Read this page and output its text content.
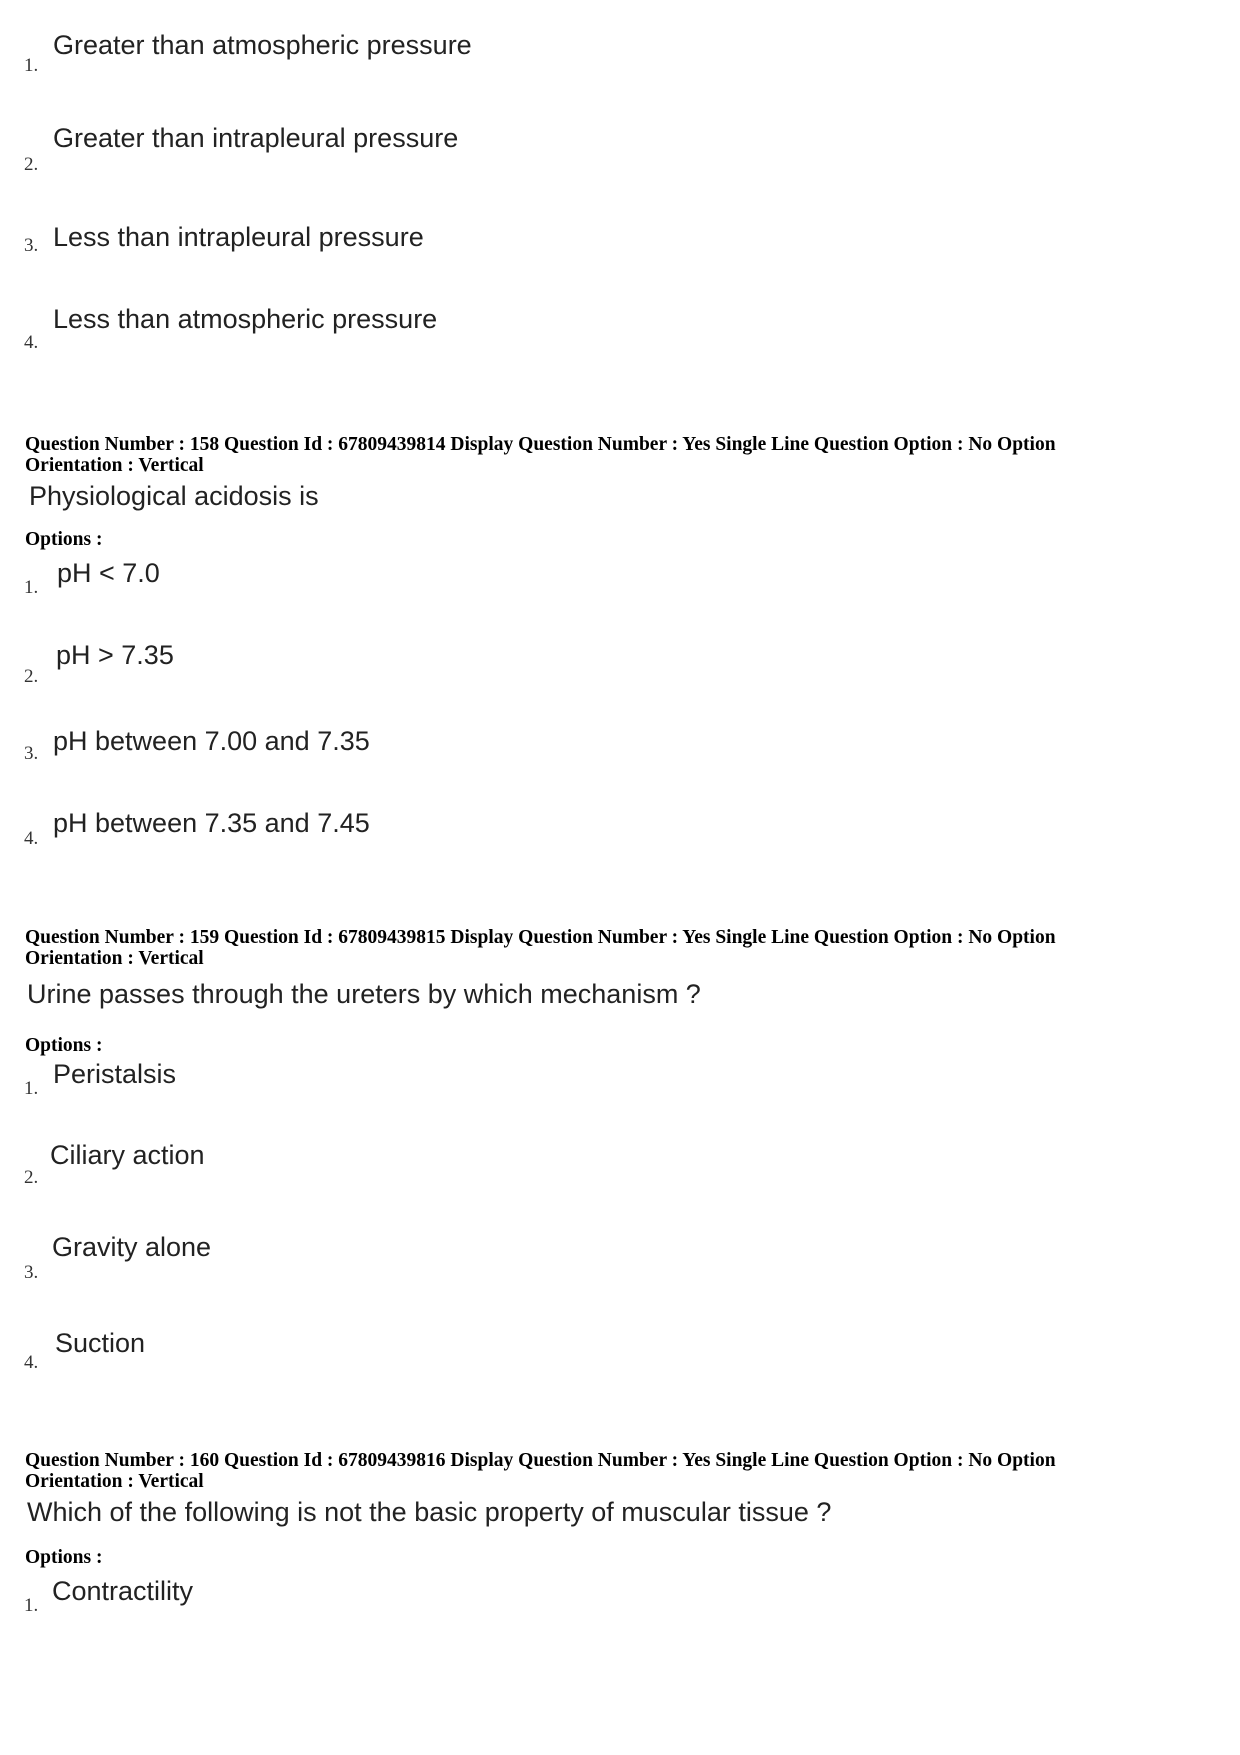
1.
Greater than atmospheric pressure
2.
Greater than intrapleural pressure
3. Less than intrapleural pressure
4.
Less than atmospheric pressure
Question Number : 158 Question Id : 67809439814 Display Question Number : Yes Single Line Question Option : No Option
Orientation : Vertical
Physiological acidosis is
Options :
1. pH < 7.0
2.
pH > 7.35
3. pH between 7.00 and 7.35
4.
pH between 7.35 and 7.45
Question Number : 159 Question Id : 67809439815 Display Question Number : Yes Single Line Question Option : No Option
Orientation : Vertical
Urine passes through the ureters by which mechanism ?
Options :
1. Peristalsis
2.
Ciliary action
3.
Gravity alone
4.
Suction
Question Number : 160 Question Id : 67809439816 Display Question Number : Yes Single Line Question Option : No Option
Orientation : Vertical
Which of the following is not the basic property of muscular tissue ?
Options :
1. Contractility
